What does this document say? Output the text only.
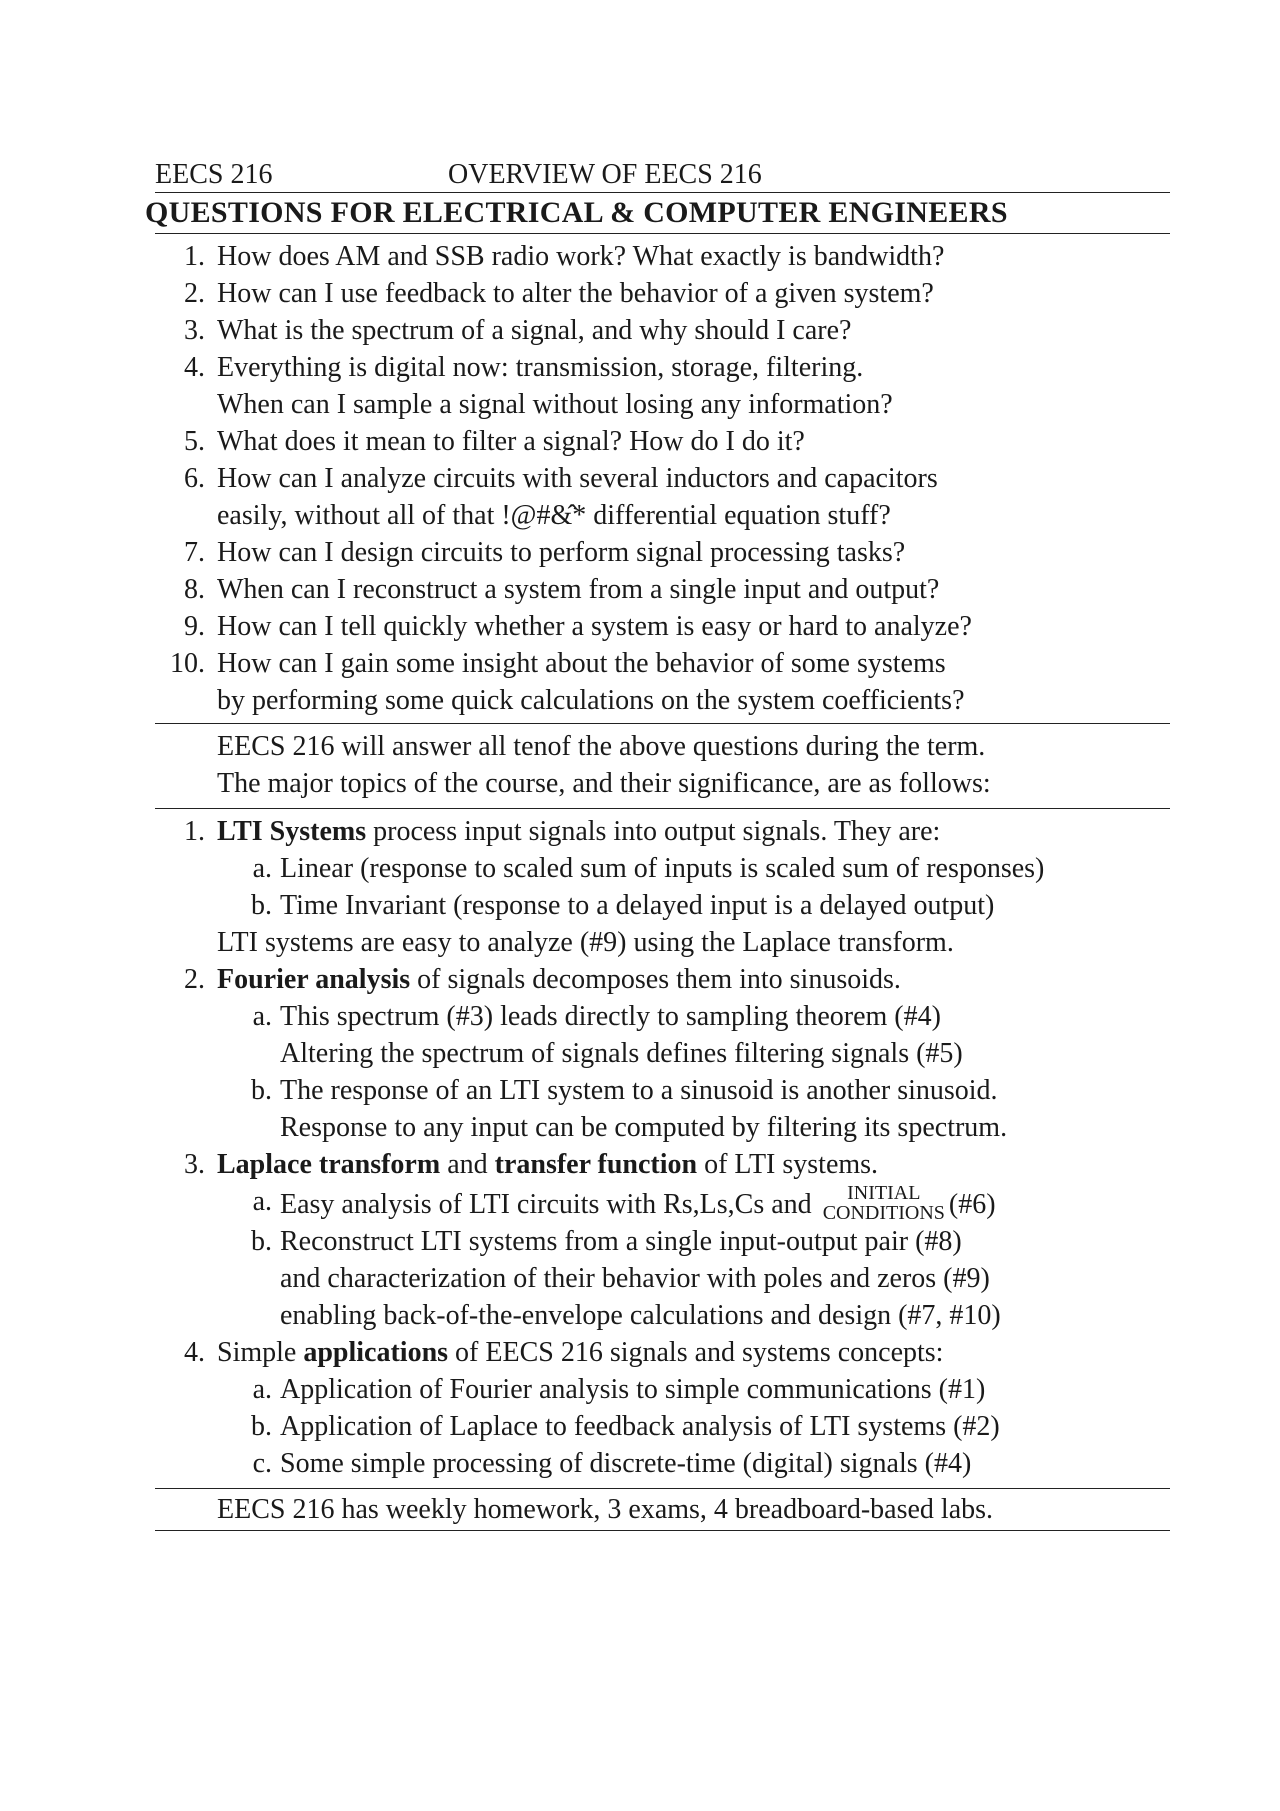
EECS 216	OVERVIEW OF EECS 216
QUESTIONS FOR ELECTRICAL & COMPUTER ENGINEERS
1. How does AM and SSB radio work? What exactly is bandwidth?
2. How can I use feedback to alter the behavior of a given system?
3. What is the spectrum of a signal, and why should I care?
4. Everything is digital now: transmission, storage, filtering.
When can I sample a signal without losing any information?
5. What does it mean to filter a signal? How do I do it?
6. How can I analyze circuits with several inductors and capacitors
easily, without all of that !@#&̂* differential equation stuff?
7. How can I design circuits to perform signal processing tasks?
8. When can I reconstruct a system from a single input and output?
9. How can I tell quickly whether a system is easy or hard to analyze?
10. How can I gain some insight about the behavior of some systems
by performing some quick calculations on the system coefficients?
EECS 216 will answer all tenof the above questions during the term.
The major topics of the course, and their significance, are as follows:
1. LTI Systems process input signals into output signals. They are:
a. Linear (response to scaled sum of inputs is scaled sum of responses)
b. Time Invariant (response to a delayed input is a delayed output)
LTI systems are easy to analyze (#9) using the Laplace transform.
2. Fourier analysis of signals decomposes them into sinusoids.
a. This spectrum (#3) leads directly to sampling theorem (#4)
Altering the spectrum of signals defines filtering signals (#5)
b. The response of an LTI system to a sinusoid is another sinusoid.
Response to any input can be computed by filtering its spectrum.
3. Laplace transform and transfer function of LTI systems.
a. Easy analysis of LTI circuits with Rs,Ls,Cs and	INITIAL
CONDITIONS (#6)
b. Reconstruct LTI systems from a single input-output pair (#8)
and characterization of their behavior with poles and zeros (#9)
enabling back-of-the-envelope calculations and design (#7, #10)
4. Simple applications of EECS 216 signals and systems concepts:
a. Application of Fourier analysis to simple communications (#1)
b. Application of Laplace to feedback analysis of LTI systems (#2)
c. Some simple processing of discrete-time (digital) signals (#4)
EECS 216 has weekly homework, 3 exams, 4 breadboard-based labs.
